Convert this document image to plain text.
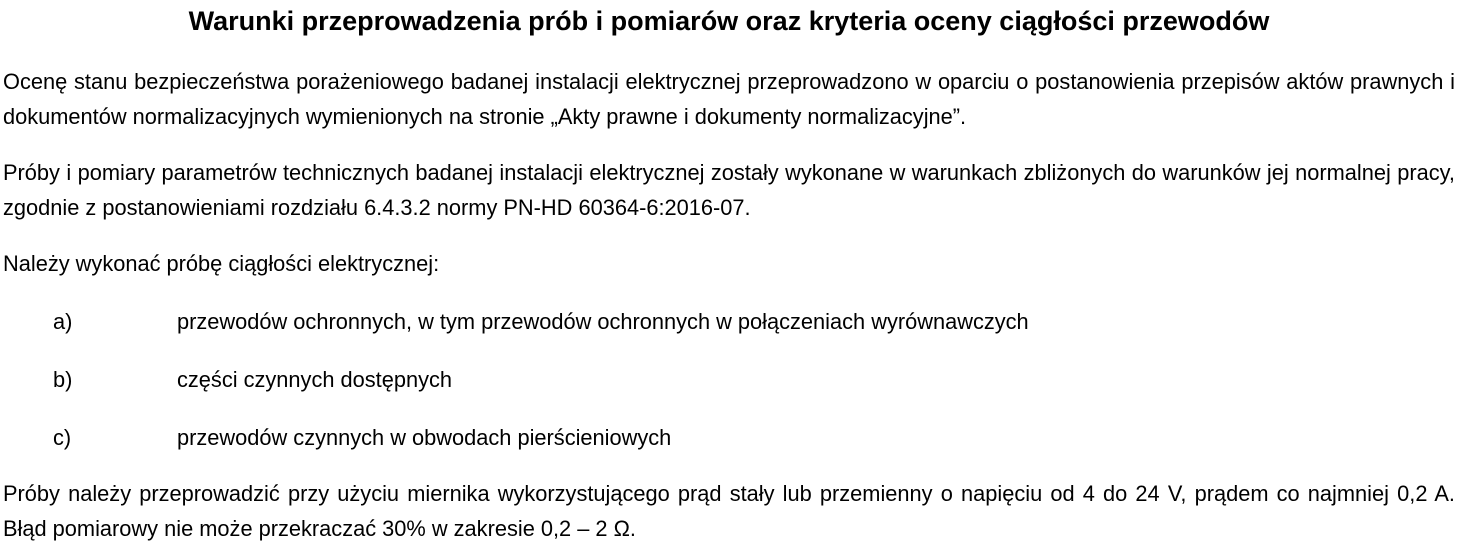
Warunki przeprowadzenia prób i pomiarów oraz kryteria oceny ciągłości przewodów

Ocenę stanu bezpieczeństwa porażeniowego badanej instalacji elektrycznej przeprowadzono w oparciu o postanowienia przepisów aktów prawnych i dokumentów normalizacyjnych wymienionych na stronie „Akty prawne i dokumenty normalizacyjne”.

Próby i pomiary parametrów technicznych badanej instalacji elektrycznej zostały wykonane w warunkach zbliżonych do warunków jej normalnej pracy, zgodnie z postanowieniami rozdziału 6.4.3.2 normy PN-HD 60364-6:2016-07.

Należy wykonać próbę ciągłości elektrycznej:

a)	przewodów ochronnych, w tym przewodów ochronnych w połączeniach wyrównawczych
b)	części czynnych dostępnych
c)	przewodów czynnych w obwodach pierścieniowych

Próby należy przeprowadzić przy użyciu miernika wykorzystującego prąd stały lub przemienny o napięciu od 4 do 24 V, prądem co najmniej 0,2 A. Błąd pomiarowy nie może przekraczać 30% w zakresie 0,2 – 2 Ω.
